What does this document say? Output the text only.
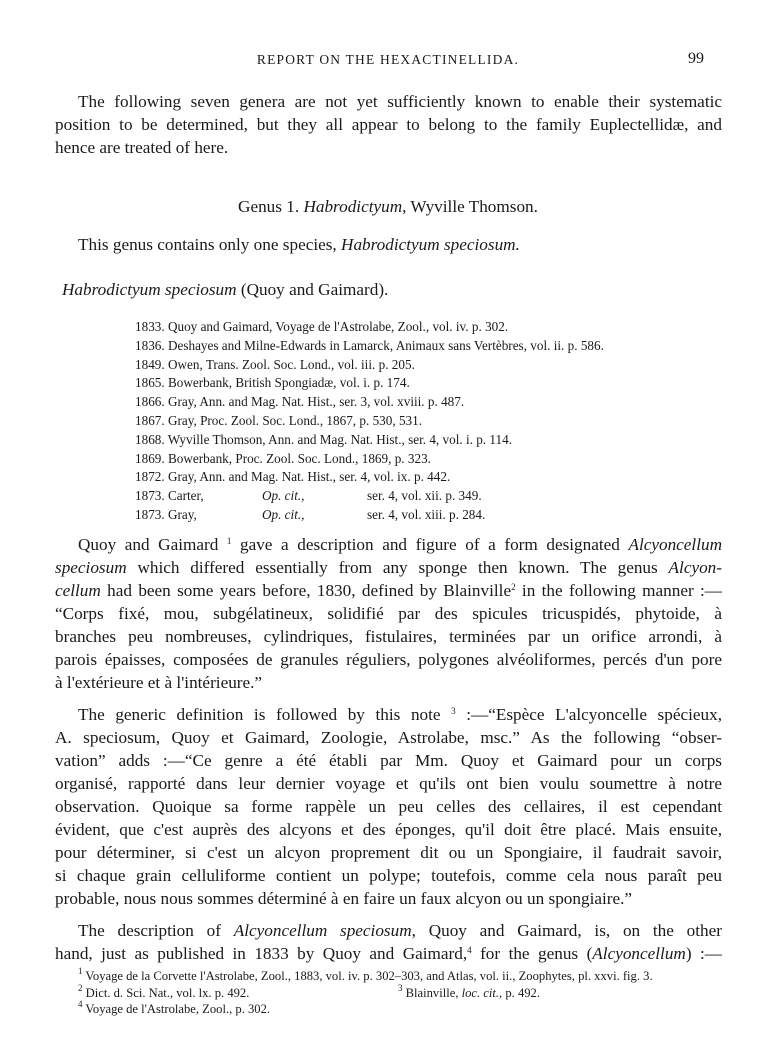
REPORT ON THE HEXACTINELLIDA.	99
The following seven genera are not yet sufficiently known to enable their systematic
position to be determined, but they all appear to belong to the family Euplectellidæ, and
hence are treated of here.
Genus 1. Habrodictyum, Wyville Thomson.
This genus contains only one species, Habrodictyum speciosum.
Habrodictyum speciosum (Quoy and Gaimard).
1833. Quoy and Gaimard, Voyage de l'Astrolabe, Zool., vol. iv. p. 302.
1836. Deshayes and Milne-Edwards in Lamarck, Animaux sans Vertèbres, vol. ii. p. 586.
1849. Owen, Trans. Zool. Soc. Lond., vol. iii. p. 205.
1865. Bowerbank, British Spongiadæ, vol. i. p. 174.
1866. Gray, Ann. and Mag. Nat. Hist., ser. 3, vol. xviii. p. 487.
1867. Gray, Proc. Zool. Soc. Lond., 1867, p. 530, 531.
1868. Wyville Thomson, Ann. and Mag. Nat. Hist., ser. 4, vol. i. p. 114.
1869. Bowerbank, Proc. Zool. Soc. Lond., 1869, p. 323.
1872. Gray, Ann. and Mag. Nat. Hist., ser. 4, vol. ix. p. 442.
1873. Carter,	Op. cit.,	ser. 4, vol. xii. p. 349.
1873. Gray,	Op. cit.,	ser. 4, vol. xiii. p. 284.
Quoy and Gaimard $^1$ gave a description and figure of a form designated Alcyoncellum
speciosum which differed essentially from any sponge then known. The genus Alcyon-
cellum had been some years before, 1830, defined by Blainville$^2$ in the following manner :—
“Corps fixé, mou, subgélatineux, solidifié par des spicules tricuspidés, phytoide, à
branches peu nombreuses, cylindriques, fistulaires, terminées par un orifice arrondi, à
parois épaisses, composées de granules réguliers, polygones alvéoliformes, percés d'un pore
à l'extérieure et à l'intérieure.”
The generic definition is followed by this note $^3$ :—“Espèce L'alcyoncelle spécieux,
A. speciosum, Quoy et Gaimard, Zoologie, Astrolabe, msc.” As the following “obser-
vation” adds :—“Ce genre a été établi par Mm. Quoy et Gaimard pour un corps
organisé, rapporté dans leur dernier voyage et qu'ils ont bien voulu soumettre à notre
observation. Quoique sa forme rappèle un peu celles des cellaires, il est cependant
évident, que c'est auprès des alcyons et des éponges, qu'il doit être placé. Mais ensuite,
pour déterminer, si c'est un alcyon proprement dit ou un Spongiaire, il faudrait savoir,
si chaque grain celluliforme contient un polype; toutefois, comme cela nous paraît peu
probable, nous nous sommes déterminé à en faire un faux alcyon ou un spongiaire.”
The description of Alcyoncellum speciosum, Quoy and Gaimard, is, on the other
hand, just as published in 1833 by Quoy and Gaimard,$^4$ for the genus (Alcyoncellum) :—
$^1$ Voyage de la Corvette l'Astrolabe, Zool., 1883, vol. iv. p. 302–303, and Atlas, vol. ii., Zoophytes, pl. xxvi. fig. 3.
$^2$ Dict. d. Sci. Nat., vol. lx. p. 492.	$^3$ Blainville, loc. cit., p. 492.
$^4$ Voyage de l'Astrolabe, Zool., p. 302.
